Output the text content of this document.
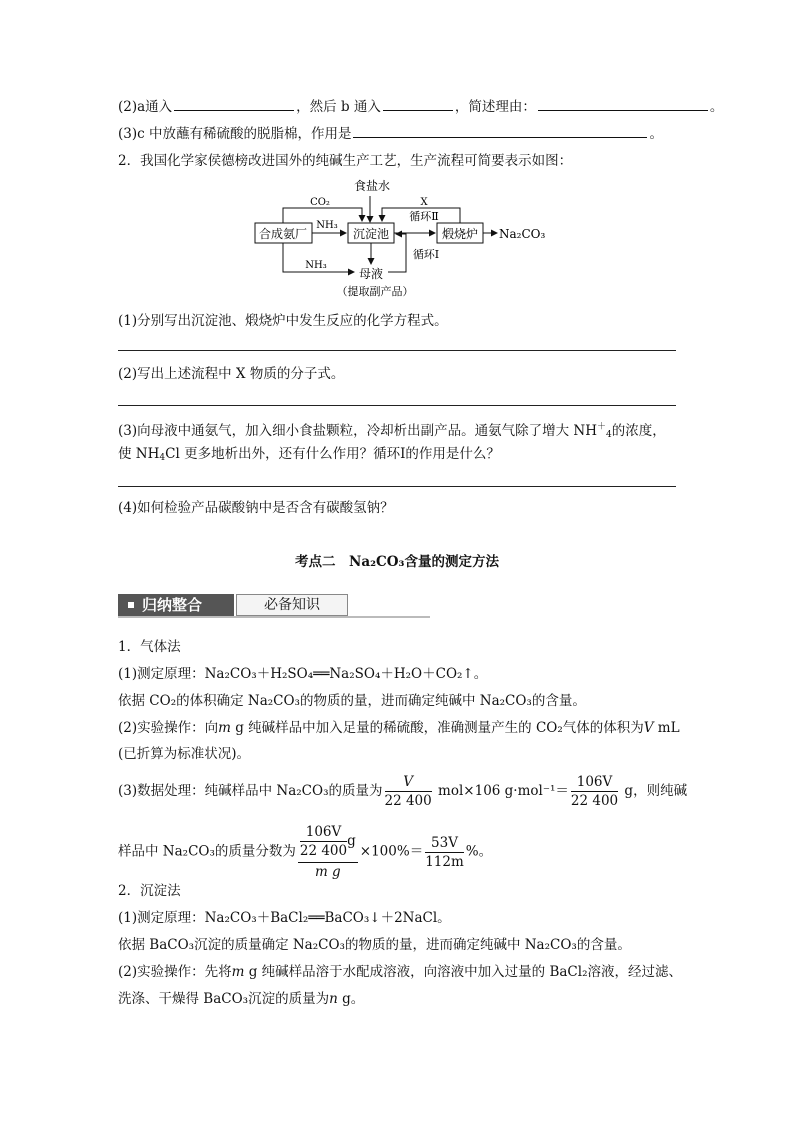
(2)a通入	，然后 b 通入	，简述理由：	。
(3)c 中放蘸有稀硫酸的脱脂棉，作用是	。
2．我国化学家侯德榜改进国外的纯碱生产工艺，生产流程可简要表示如图：
食盐水
合成氨厂	沉淀池	煅烧炉 Na₂CO₃
CO₂
NH₃
X
循环Ⅱ
NH₃
循环Ⅰ
母液
（提取副产品）
(1)分别写出沉淀池、煅烧炉中发生反应的化学方程式。
(2)写出上述流程中 X 物质的分子式。
(3)向母液中通氨气，加入细小食盐颗粒，冷却析出副产品。通氨气除了增大 $NH^+_4$的浓度，
使 $NH_4Cl$ 更多地析出外，还有什么作用？循环Ⅰ的作用是什么？
(4)如何检验产品碳酸钠中是否含有碳酸氢钠？
考点二　Na₂CO₃含量的测定方法
归纳整合	必备知识
1．气体法
(1)测定原理：Na₂CO₃＋H₂SO₄══Na₂SO₄＋H₂O＋CO₂↑。
依据 CO₂的体积确定 Na₂CO₃的物质的量，进而确定纯碱中 Na₂CO₃的含量。
(2)实验操作：向m g 纯碱样品中加入足量的稀硫酸，准确测量产生的 CO₂气体的体积为V mL
(已折算为标准状况)。
(3)数据处理：纯碱样品中 Na₂CO₃的质量为 $\frac{V}{22 400} mol\times 106$ $g\cdot mol^{-1}= \frac{106V}{22 400}$ g，则纯碱
样品中 Na₂CO₃的质量分数为 $\frac{\frac{106V}{22 400} g}{\text{m g}} \times 100\%= \frac{53V}{112m}$ %。
2．沉淀法
(1)测定原理：Na₂CO₃＋BaCl₂══BaCO₃↓＋2NaCl。
依据 BaCO₃沉淀的质量确定 Na₂CO₃的物质的量，进而确定纯碱中 Na₂CO₃的含量。
(2)实验操作：先将m g 纯碱样品溶于水配成溶液，向溶液中加入过量的 BaCl₂溶液，经过滤、
洗涤、干燥得 BaCO₃沉淀的质量为n g。
